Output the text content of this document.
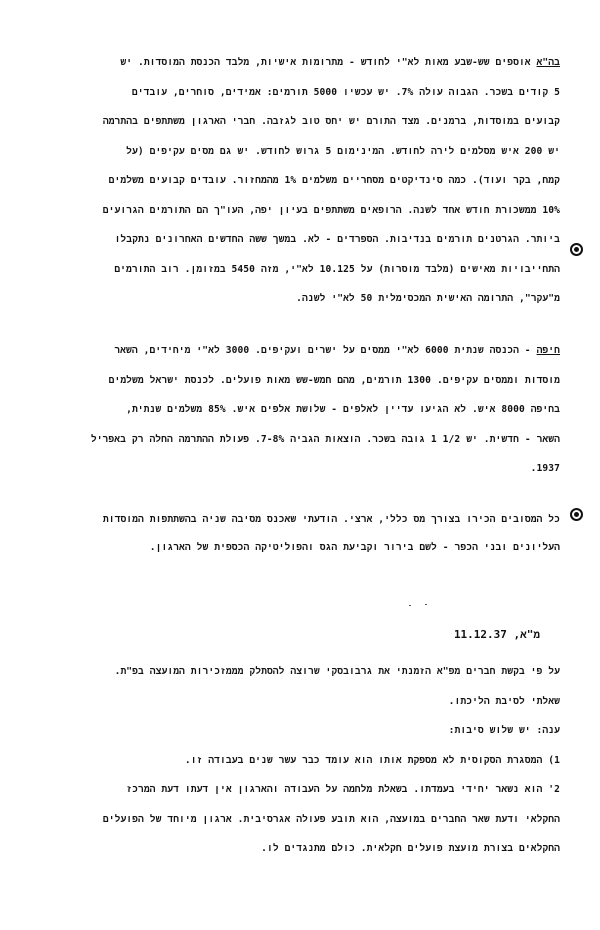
בה"א אוספים שש-שבע מאות לא"י לחודש - מתרומות אישיות, מלבד הכנסת המוסדות. יש
5 קודים בשכר. הגבוה עולה 7%. יש עכשיו 5000 תורמים: אמידים, סוחרים, עובדים
קבועים במוסדות, ברמנים. מצד התורם יש יחס טוב לגזבה. חברי הארגון משתתפים בהתרמה
יש 200 איש מסלמים לירה לחודש. המינימום 5 גרוש לחודש. יש גם מסים עקיפים (על
קמח, בקר ועוד). כמה סינדיקטים מסחריים משלמים 1% מהמחזור. עובדים קבועים משלמים
10% ממשכורת חודש אחד לשנה. הרופאים משתתפים בעיון יפה, העו"ך הם התורמים הגרועים
ביותר. הגרטנים תורמים בנדיבות. הספרדים - לא. במשך ששה החדשים האחרונים נתקבלו
התחייבויות מאישים (מלבד מוסרות) על 10.125 לא"י, מזה 5450 במזומן. רוב התורמים
מ"עקר", התרומה האישית המכסימלית 50 לא"י לשנה.
חיפה - הכנסה שנתית 6000 לא"י ממסים על ישרים ועקיפים. 3000 לא"י מיחידים, השאר
מוסדות וממסים עקיפים. 1300 תורמים, מהם חמש-שש מאות פועלים. לכנסת ישראל משלמים
בחיפה 8000 איש. לא הגיעו עדיין לאלפים - שלושת אלפים איש. 85% משלמים שנתית,
השאר - חדשית. יש 1/2 1 גובה בשכר. הוצאות הגביה 7-8%. פעולת ההתרמה החלה רק באפריל
1937.
כל המסובים הכירו בצורך מס כללי, ארצי. הודעתי שאכנס מסיבה שניה בהשתתפות המוסדות
העליונים ובני הכפר - לשם בירור וקביעת הגס והפוליטיקה הכספית של הארגון.
מ"א, 11.12.37
על פי בקשת חברים מפ"א הזמנתי את גרבובסקי שרוצה להסתלק מממזכירות המועצה בפ"ת.
שאלתי לסיבת הליכתו.
ענה: יש שלוש סיבות:
1) המסגרת הסקוסית לא מספקת אותו הוא עומד כבר עשר שנים בעבודה זו.
2' הוא נשאר יחידי בעמדתו. בשאלת מלחמה על העבודה והארגון אין דעתו דעת המרכז
החקלאי ודעת שאר החברים במועצה, הוא תובע פעולה אגרסיבית. ארגון מיוחד של הפועלים
החקלאים בצורת מועצת פועלים חקלאית. כולם מתנגדים לו.
